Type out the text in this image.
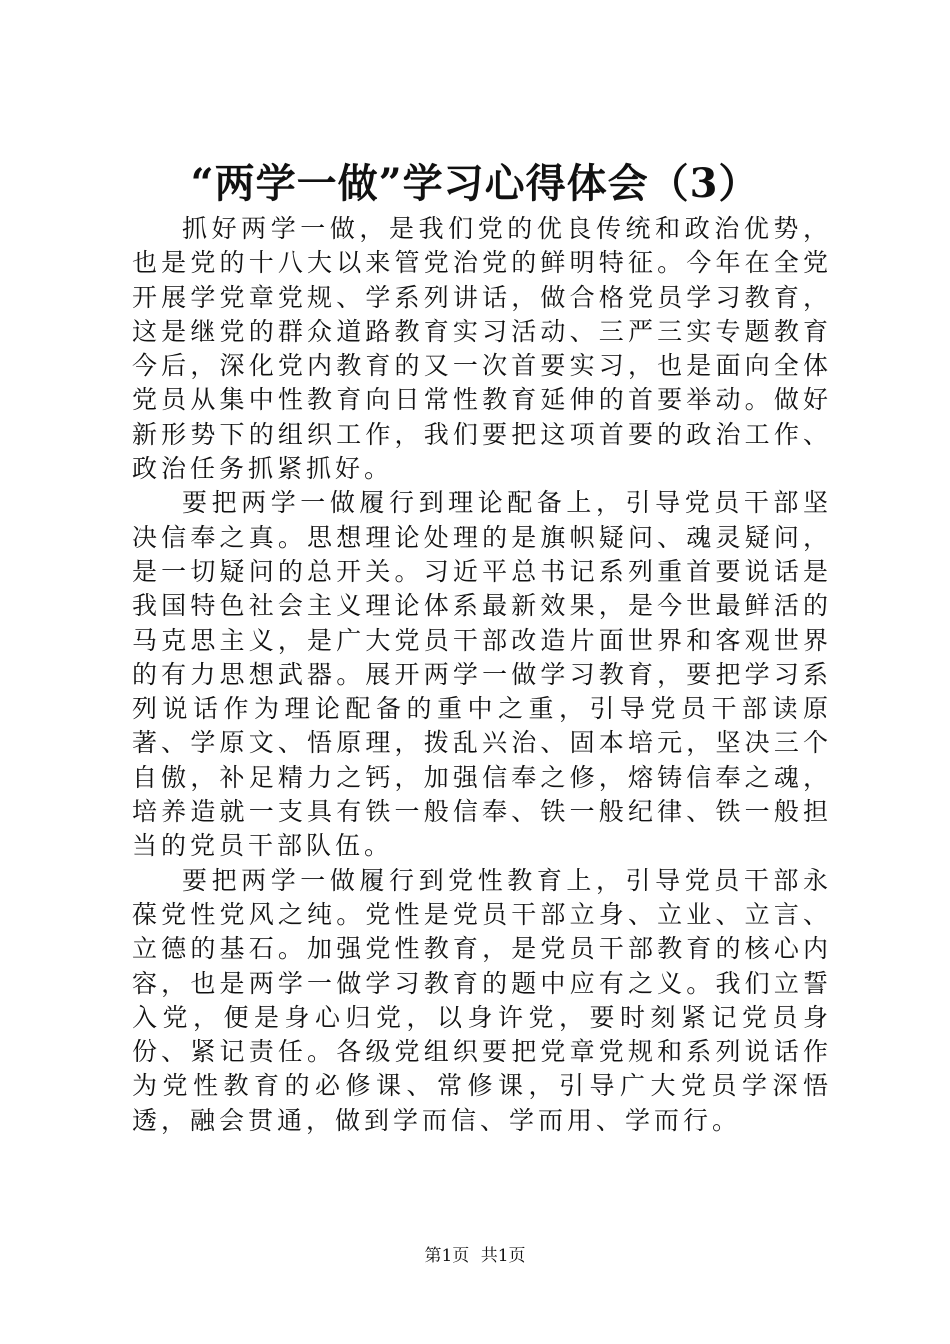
“两学一做”学习心得体会（3）

抓好两学一做，是我们党的优良传统和政治优势，也是党的十八大以来管党治党的鲜明特征。今年在全党开展学党章党规、学系列讲话，做合格党员学习教育，这是继党的群众道路教育实习活动、三严三实专题教育今后，深化党内教育的又一次首要实习，也是面向全体党员从集中性教育向日常性教育延伸的首要举动。做好新形势下的组织工作，我们要把这项首要的政治工作、政治任务抓紧抓好。

要把两学一做履行到理论配备上，引导党员干部坚决信奉之真。思想理论处理的是旗帜疑问、魂灵疑问，是一切疑问的总开关。习近平总书记系列重首要说话是我国特色社会主义理论体系最新效果，是今世最鲜活的马克思主义，是广大党员干部改造片面世界和客观世界的有力思想武器。展开两学一做学习教育，要把学习系列说话作为理论配备的重中之重，引导党员干部读原著、学原文、悟原理，拨乱兴治、固本培元，坚决三个自傲，补足精力之钙，加强信奉之修，熔铸信奉之魂，培养造就一支具有铁一般信奉、铁一般纪律、铁一般担当的党员干部队伍。

要把两学一做履行到党性教育上，引导党员干部永葆党性党风之纯。党性是党员干部立身、立业、立言、立德的基石。加强党性教育，是党员干部教育的核心内容，也是两学一做学习教育的题中应有之义。我们立誓入党，便是身心归党，以身许党，要时刻紧记党员身份、紧记责任。各级党组织要把党章党规和系列说话作为党性教育的必修课、常修课，引导广大党员学深悟透，融会贯通，做到学而信、学而用、学而行。

第1页 共1页
